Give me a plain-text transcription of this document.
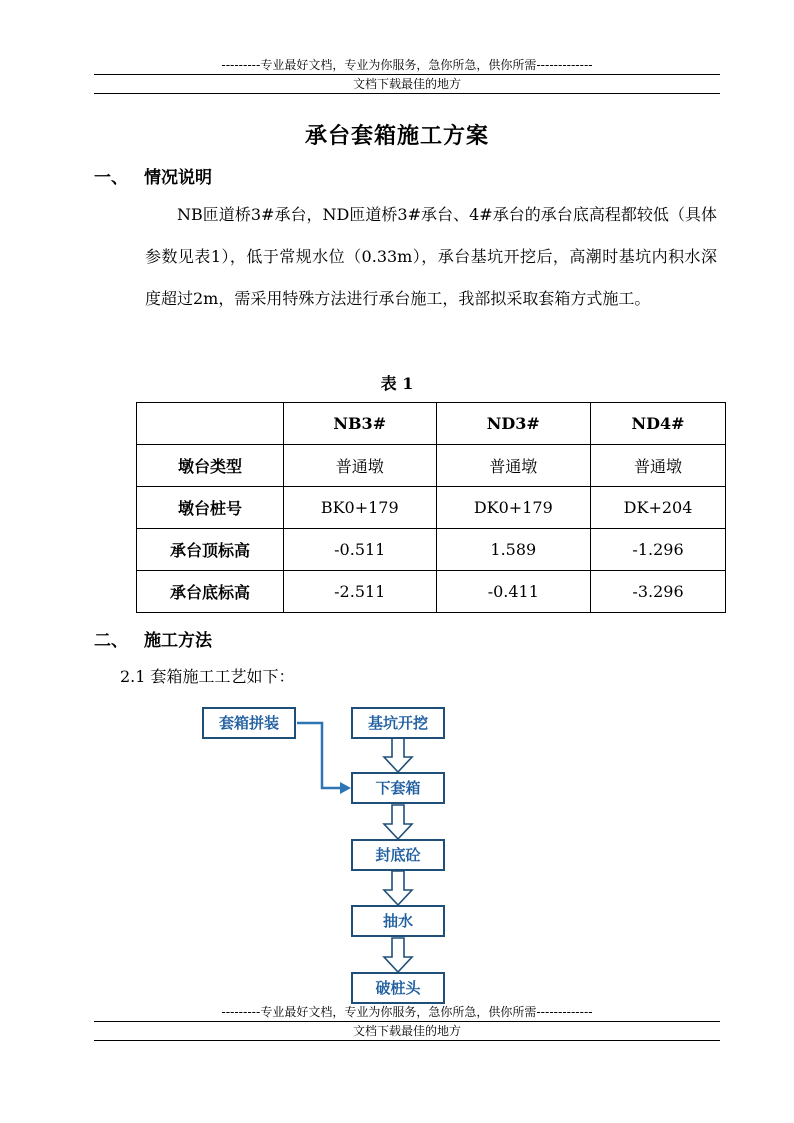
---------专业最好文档，专业为你服务，急你所急，供你所需-------------
文档下载最佳的地方
承台套箱施工方案
一、 情况说明
NB匝道桥3#承台，ND匝道桥3#承台、4#承台的承台底高程都较低（具体参数见表1），低于常规水位（0.33m），承台基坑开挖后，高潮时基坑内积水深度超过2m，需采用特殊方法进行承台施工，我部拟采取套箱方式施工。
表 1
	NB3#	ND3#	ND4#
墩台类型	普通墩	普通墩	普通墩
墩台桩号	BK0+179	DK0+179	DK+204
承台顶标高	-0.511	1.589	-1.296
承台底标高	-2.511	-0.411	-3.296
二、 施工方法
2.1 套箱施工工艺如下：
套箱拼装	基坑开挖
下套箱
封底砼
抽水
破桩头
---------专业最好文档，专业为你服务，急你所急，供你所需-------------
文档下载最佳的地方
